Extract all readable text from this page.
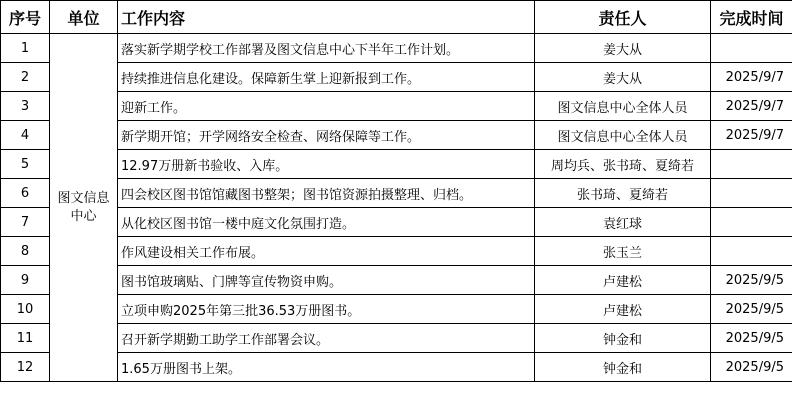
序号	单位	工作内容	责任人	完成时间
1	图文信息中心	落实新学期学校工作部署及图文信息中心下半年工作计划。	姜大从	
2		持续推进信息化建设。保障新生掌上迎新报到工作。	姜大从	2025/9/7
3		迎新工作。	图文信息中心全体人员	2025/9/7
4		新学期开馆；开学网络安全检查、网络保障等工作。	图文信息中心全体人员	2025/9/7
5		12.97万册新书验收、入库。	周均兵、张书琦、夏绮若	
6		四会校区图书馆馆藏图书整架；图书馆资源拍摄整理、归档。	张书琦、夏绮若	
7		从化校区图书馆一楼中庭文化氛围打造。	袁红球	
8		作风建设相关工作布展。	张玉兰	
9		图书馆玻璃贴、门牌等宣传物资申购。	卢建松	2025/9/5
10		立项申购2025年第三批36.53万册图书。	卢建松	2025/9/5
11		召开新学期勤工助学工作部署会议。	钟金和	2025/9/5
12		1.65万册图书上架。	钟金和	2025/9/5
